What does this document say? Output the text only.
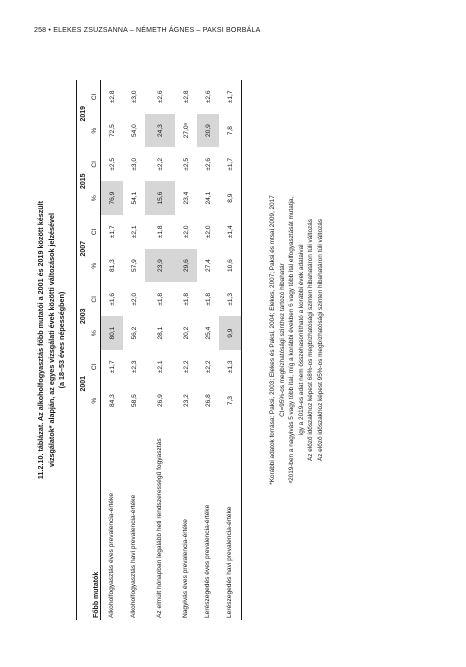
258 • ELEKES ZSUZSANNA – NÉMETH ÁGNES – PAKSI BORBÁLA
11.2.10. táblázat. Az alkoholfogyasztás főbb mutatói a 2001 és 2019 között készült vizsgálatok* alapján, az egyes vizsgálati évek közötti változások jelzésével (a 18–53 éves népességben)
Főbb mutatók	2001		2003		2007		2015		2019	
	%	CI	%	CI	%	CI	%	CI	%	CI
Alkoholfogyasztás éves prevalencia-értéke	84,3	±1,7	80,1	±1,6	81,3	±1,7	76,9	±2,5	72,5	±2,8
Alkoholfogyasztás havi prevalencia-értéke	58,5	±2,3	56,2	±2,0	57,9	±2,1	54,1	±3,0	54,0	±3,0
Az elmúlt hónapban legalább heti rendszerességű fogyasztás	26,9	±2,1	28,1	±1,8	23,9	±1,8	15,6	±2,2	24,3	±2,6
Nagyivás éves prevalencia-értéke	23,2	±2,2	20,2	±1,8	29,6	±2,0	23,4	±2,5	27,0ᵃ	±2,8
Lerészegedés éves prevalencia-értéke	26,8	±2,2	25,4	±1,8	27,4	±2,0	24,1	±2,6	20,9	±2,6
Lerészegedés havi prevalencia-értéke	7,3	±1,3	9,9	±1,3	10,6	±1,4	8,9	±1,7	7,8	±1,7
*Korábbi adatok forrása: Paksi, 2003; Elekes és Paksi, 2004; Elekes, 2007; Paksi és mtsai 2009, 2017 CI=95%-os megbízhatósági szinthez tartozó hibahatár ᵃ2019-ben a nagyivás 5 vagy több ital, míg a korábbi években 6 vagy több ital elfogyasztását mutatja, így a 2019-es adat nem összehasonlítható a korábbi évek adataival Az előző időszakhoz képest 68%-os megbízhatósági szinten hibahatáron túli változás Az előző időszakhoz képest 95%-os megbízhatósági szinten hibahatáron túli változás
